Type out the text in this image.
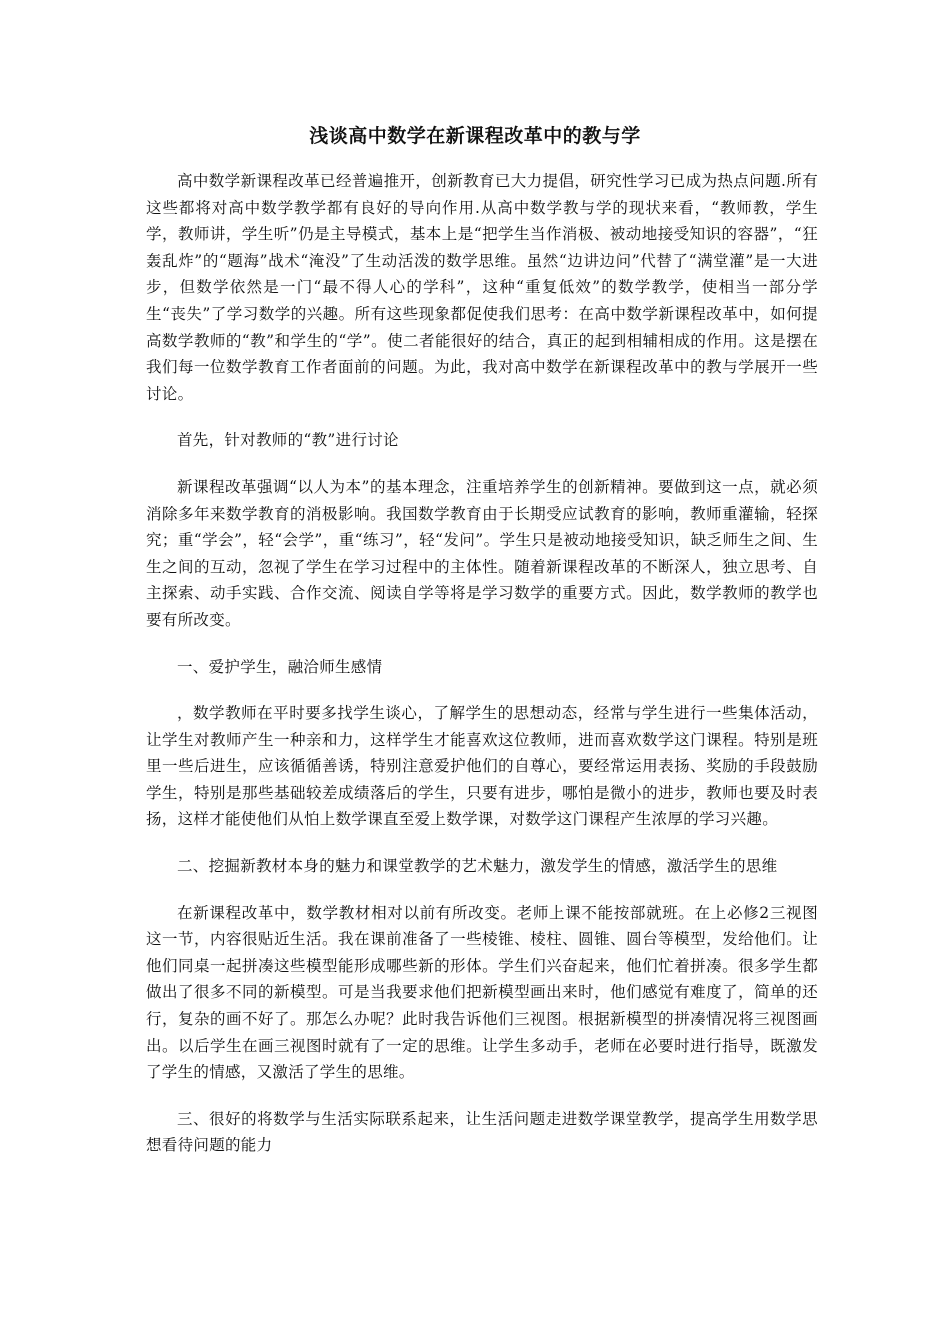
浅谈高中数学在新课程改革中的教与学

高中数学新课程改革已经普遍推开，创新教育已大力提倡，研究性学习已成为热点问题.所有这些都将对高中数学教学都有良好的导向作用.从高中数学教与学的现状来看，“教师教，学生学，教师讲，学生听”仍是主导模式，基本上是“把学生当作消极、被动地接受知识的容器”，“狂轰乱炸”的“题海”战术“淹没”了生动活泼的数学思维。虽然“边讲边问”代替了“满堂灌”是一大进步，但数学依然是一门“最不得人心的学科”，这种“重复低效”的数学教学，使相当一部分学生“丧失”了学习数学的兴趣。所有这些现象都促使我们思考：在高中数学新课程改革中，如何提高数学教师的“教”和学生的“学”。使二者能很好的结合，真正的起到相辅相成的作用。这是摆在我们每一位数学教育工作者面前的问题。为此，我对高中数学在新课程改革中的教与学展开一些讨论。

首先，针对教师的“教”进行讨论

新课程改革强调“以人为本”的基本理念，注重培养学生的创新精神。要做到这一点，就必须消除多年来数学教育的消极影响。我国数学教育由于长期受应试教育的影响，教师重灌输，轻探究；重“学会”，轻“会学”，重“练习”，轻“发问”。学生只是被动地接受知识，缺乏师生之间、生生之间的互动，忽视了学生在学习过程中的主体性。随着新课程改革的不断深人，独立思考、自主探索、动手实践、合作交流、阅读自学等将是学习数学的重要方式。因此，数学教师的教学也要有所改变。

一、爱护学生，融洽师生感情

，数学教师在平时要多找学生谈心，了解学生的思想动态，经常与学生进行一些集体活动，让学生对教师产生一种亲和力，这样学生才能喜欢这位教师，进而喜欢数学这门课程。特别是班里一些后进生，应该循循善诱，特别注意爱护他们的自尊心，要经常运用表扬、奖励的手段鼓励学生，特别是那些基础较差成绩落后的学生，只要有进步，哪怕是微小的进步，教师也要及时表扬，这样才能使他们从怕上数学课直至爱上数学课，对数学这门课程产生浓厚的学习兴趣。

二、挖掘新教材本身的魅力和课堂教学的艺术魅力，激发学生的情感，激活学生的思维

在新课程改革中，数学教材相对以前有所改变。老师上课不能按部就班。在上必修2三视图这一节，内容很贴近生活。我在课前准备了一些棱锥、棱柱、圆锥、圆台等模型，发给他们。让他们同桌一起拼凑这些模型能形成哪些新的形体。学生们兴奋起来，他们忙着拼凑。很多学生都做出了很多不同的新模型。可是当我要求他们把新模型画出来时，他们感觉有难度了，简单的还行，复杂的画不好了。那怎么办呢？此时我告诉他们三视图。根据新模型的拼凑情况将三视图画出。以后学生在画三视图时就有了一定的思维。让学生多动手，老师在必要时进行指导，既激发了学生的情感，又激活了学生的思维。

三、很好的将数学与生活实际联系起来，让生活问题走进数学课堂教学，提高学生用数学思想看待问题的能力
